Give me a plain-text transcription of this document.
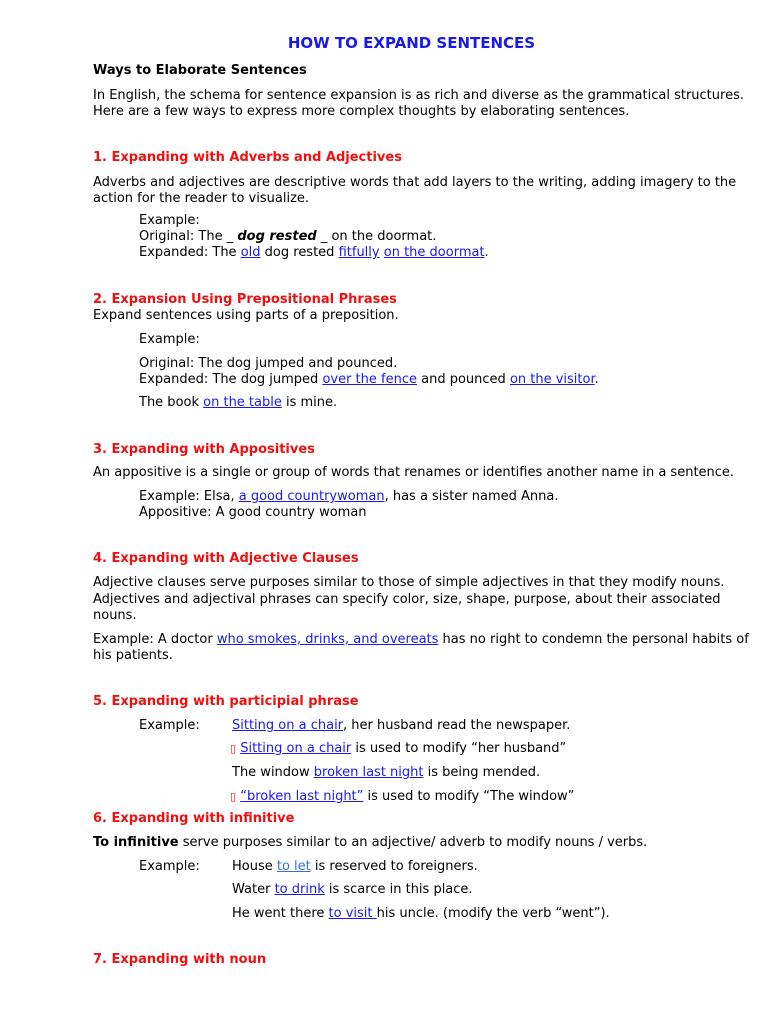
HOW TO EXPAND SENTENCES
Ways to Elaborate Sentences
In English, the schema for sentence expansion is as rich and diverse as the grammatical structures.
Here are a few ways to express more complex thoughts by elaborating sentences.
1. Expanding with Adverbs and Adjectives
Adverbs and adjectives are descriptive words that add layers to the writing, adding imagery to the
action for the reader to visualize.
Example:
Original: The _ dog rested _ on the doormat.
Expanded: The old dog rested fitfully on the doormat.
2. Expansion Using Prepositional Phrases
Expand sentences using parts of a preposition.
Example:
Original: The dog jumped and pounced.
Expanded: The dog jumped over the fence and pounced on the visitor.
The book on the table is mine.
3. Expanding with Appositives
An appositive is a single or group of words that renames or identifies another name in a sentence.
Example: Elsa, a good countrywoman, has a sister named Anna.
Appositive: A good country woman
4. Expanding with Adjective Clauses
Adjective clauses serve purposes similar to those of simple adjectives in that they modify nouns.
Adjectives and adjectival phrases can specify color, size, shape, purpose, about their associated
nouns.
Example: A doctor who smokes, drinks, and overeats has no right to condemn the personal habits of
his patients.
5. Expanding with participial phrase
Example: Sitting on a chair, her husband read the newspaper.
▯ Sitting on a chair is used to modify “her husband”
The window broken last night is being mended.
▯ “broken last night” is used to modify “The window”
6. Expanding with infinitive
To infinitive serve purposes similar to an adjective/ adverb to modify nouns / verbs.
Example: House to let is reserved to foreigners.
Water to drink is scarce in this place.
He went there to visit his uncle. (modify the verb “went”).
7. Expanding with noun
